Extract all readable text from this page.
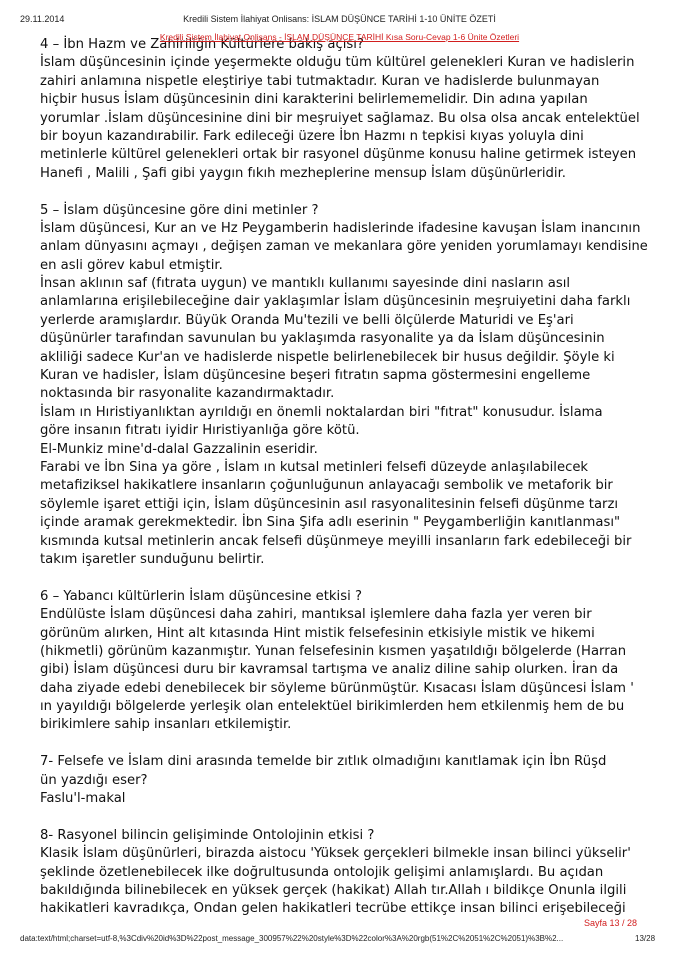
29.11.2014	Kredili Sistem İlahiyat Onlisans: İSLAM DÜŞÜNCE TARİHİ 1-10 ÜNİTE ÖZETİ
4 – İbn Hazm ve Zahiriliğin Kültürlere bakış açısı?
İslam düşüncesinin içinde yeşermekte olduğu tüm kültürel gelenekleri Kuran ve hadislerin
zahiri anlamına nispetle eleştiriye tabi tutmaktadır. Kuran ve hadislerde bulunmayan
hiçbir husus İslam düşüncesinin dini karakterini belirlememelidir. Din adına yapılan
yorumlar .İslam düşüncesinine dini bir meşruiyet sağlamaz. Bu olsa olsa ancak entelektüel
bir boyun kazandırabilir. Fark edileceği üzere İbn Hazmı n tepkisi kıyas yoluyla dini
metinlerle kültürel gelenekleri ortak bir rasyonel düşünme konusu haline getirmek isteyen
Hanefi , Malili , Şafi gibi yaygın fıkıh mezheplerine mensup İslam düşünürleridir.
5 – İslam düşüncesine göre dini metinler ?
İslam düşüncesi, Kur an ve Hz Peygamberin hadislerinde ifadesine kavuşan İslam inancının
anlam dünyasını açmayı , değişen zaman ve mekanlara göre yeniden yorumlamayı kendisine
en asli görev kabul etmiştir.
İnsan aklının saf (fıtrata uygun) ve mantıklı kullanımı sayesinde dini nasların asıl
anlamlarına erişilebileceğine dair yaklaşımlar İslam düşüncesinin meşruiyetini daha farklı
yerlerde aramışlardır. Büyük Oranda Mu'tezili ve belli ölçülerde Maturidi ve Eş'ari
düşünürler tarafından savunulan bu yaklaşımda rasyonalite ya da İslam düşüncesinin
akliliği sadece Kur'an ve hadislerde nispetle belirlenebilecek bir husus değildir. Şöyle ki
Kuran ve hadisler, İslam düşüncesine beşeri fıtratın sapma göstermesini engelleme
noktasında bir rasyonalite kazandırmaktadır.
İslam ın Hıristiyanlıktan ayrıldığı en önemli noktalardan biri "fıtrat" konusudur. İslama
göre insanın fıtratı iyidir Hıristiyanlığa göre kötü.
El-Munkiz mine'd-dalal Gazzalinin eseridir.
Farabi ve İbn Sina ya göre , İslam ın kutsal metinleri felsefi düzeyde anlaşılabilecek
metafiziksel hakikatlere insanların çoğunluğunun anlayacağı sembolik ve metaforik bir
söylemle işaret ettiği için, İslam düşüncesinin asıl rasyonalitesinin felsefi düşünme tarzı
içinde aramak gerekmektedir. İbn Sina Şifa adlı eserinin " Peygamberliğin kanıtlanması"
kısmında kutsal metinlerin ancak felsefi düşünmeye meyilli insanların fark edebileceği bir
takım işaretler sunduğunu belirtir.
6 – Yabancı kültürlerin İslam düşüncesine etkisi ?
Endülüste İslam düşüncesi daha zahiri, mantıksal işlemlere daha fazla yer veren bir
görünüm alırken, Hint alt kıtasında Hint mistik felsefesinin etkisiyle mistik ve hikemi
(hikmetli) görünüm kazanmıştır. Yunan felsefesinin kısmen yaşatıldığı bölgelerde (Harran
gibi) İslam düşüncesi duru bir kavramsal tartışma ve analiz diline sahip olurken. İran da
daha ziyade edebi denebilecek bir söyleme bürünmüştür. Kısacası İslam düşüncesi İslam '
ın yayıldığı bölgelerde yerleşik olan entelektüel birikimlerden hem etkilenmiş hem de bu
birikimlere sahip insanları etkilemiştir.
7- Felsefe ve İslam dini arasında temelde bir zıtlık olmadığını kanıtlamak için İbn Rüşd
ün yazdığı eser?
Faslu'l-makal
8- Rasyonel bilincin gelişiminde Ontolojinin etkisi ?
Klasik İslam düşünürleri, birazda aistocu 'Yüksek gerçekleri bilmekle insan bilinci yükselir'
şeklinde özetlenebilecek ilke doğrultusunda ontolojik gelişimi anlamışlardı. Bu açıdan
bakıldığında bilinebilecek en yüksek gerçek (hakikat) Allah tır.Allah ı bildikçe Onunla ilgili
hakikatleri kavradıkça, Ondan gelen hakikatleri tecrübe ettikçe insan bilinci erişebileceği
Kredili Sistem İlahiyat Onlisans - İSLAM DÜŞÜNCE TARİHİ Kısa Soru-Cevap 1-6 Ünite Özetleri
Sayfa 13 / 28
data:text/html;charset=utf-8,%3Cdiv%20id%3D%22post_message_300957%22%20style%3D%22color%3A%20rgb(51%2C%2051%2C%2051)%3B%2...	13/28
